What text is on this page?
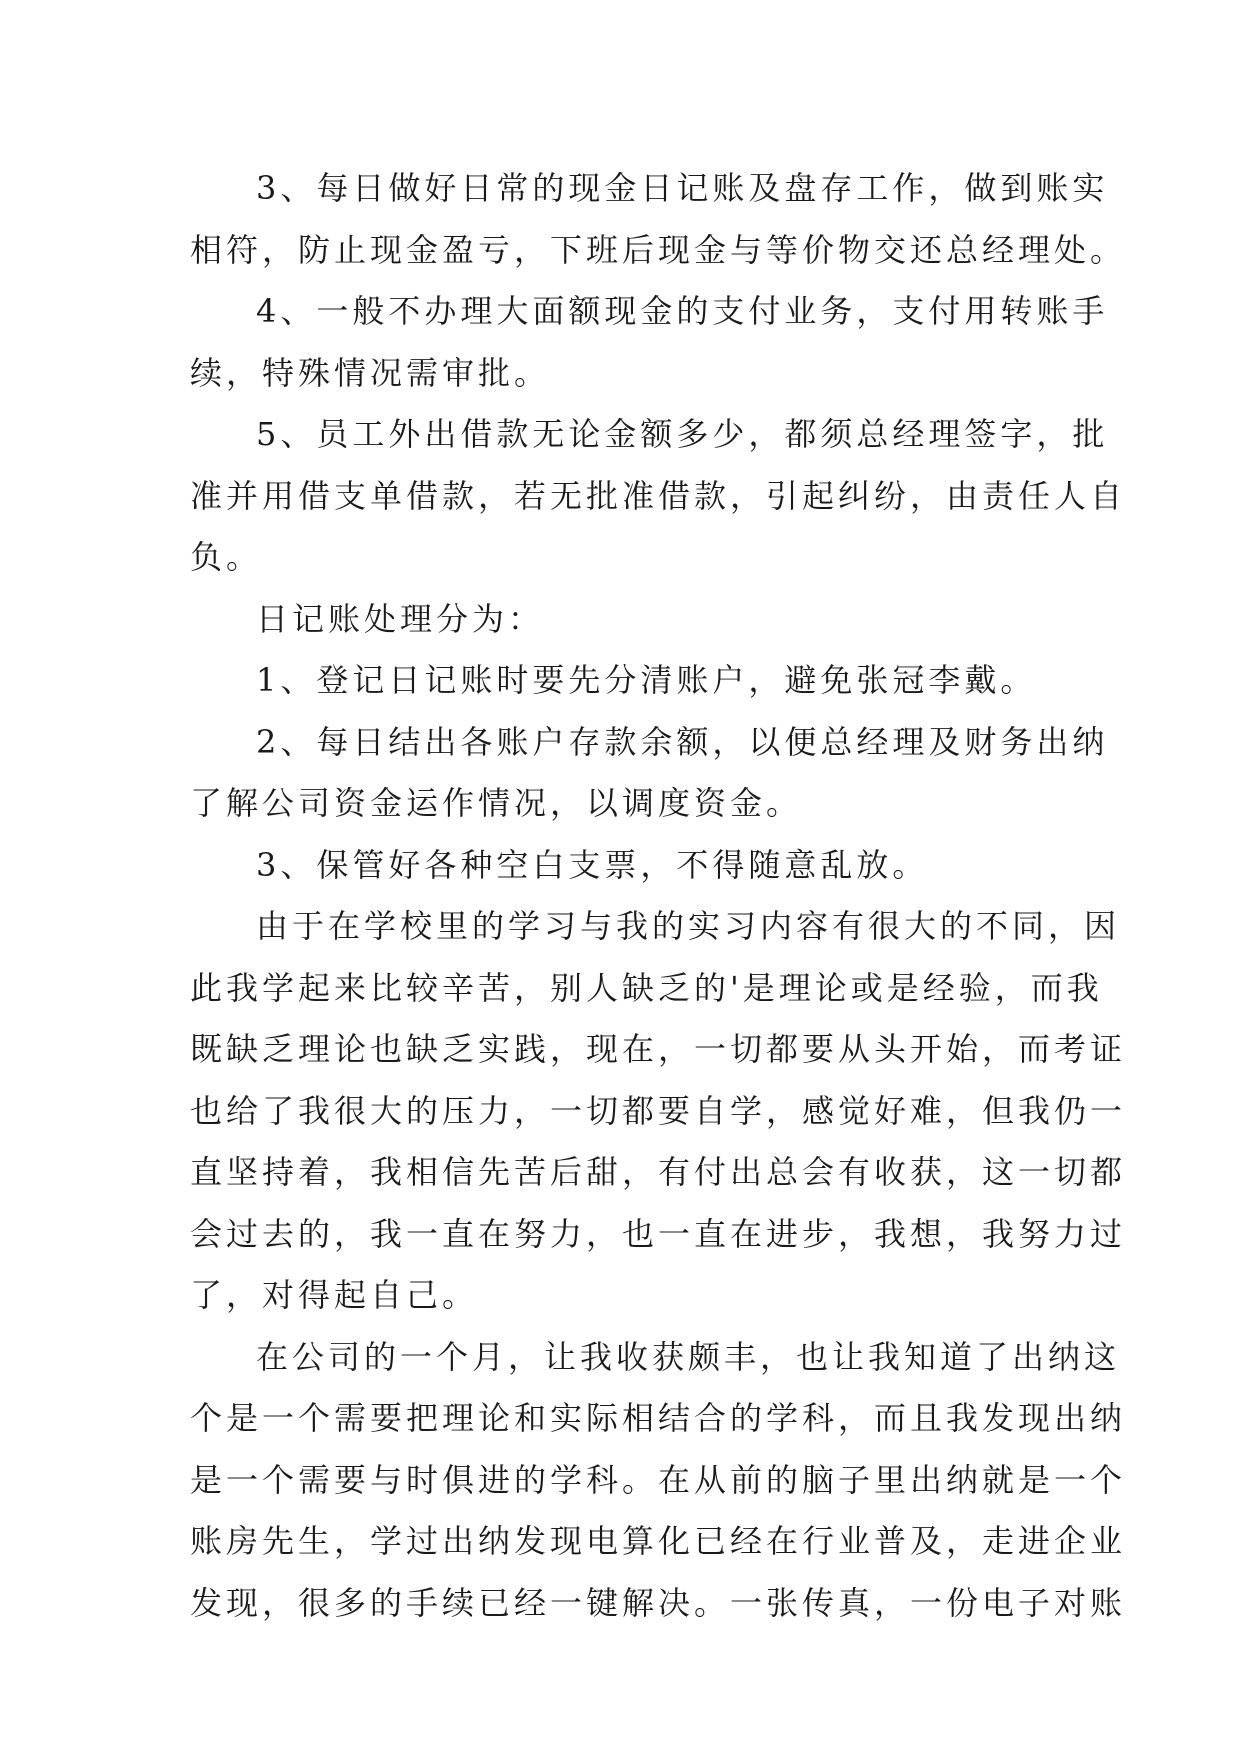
3、每日做好日常的现金日记账及盘存工作，做到账实
相符，防止现金盈亏，下班后现金与等价物交还总经理处。
4、一般不办理大面额现金的支付业务，支付用转账手
续，特殊情况需审批。
5、员工外出借款无论金额多少，都须总经理签字，批
准并用借支单借款，若无批准借款，引起纠纷，由责任人自
负。
日记账处理分为：
1、登记日记账时要先分清账户，避免张冠李戴。
2、每日结出各账户存款余额，以便总经理及财务出纳
了解公司资金运作情况，以调度资金。
3、保管好各种空白支票，不得随意乱放。
由于在学校里的学习与我的实习内容有很大的不同，因
此我学起来比较辛苦，别人缺乏的'是理论或是经验，而我
既缺乏理论也缺乏实践，现在，一切都要从头开始，而考证
也给了我很大的压力，一切都要自学，感觉好难，但我仍一
直坚持着，我相信先苦后甜，有付出总会有收获，这一切都
会过去的，我一直在努力，也一直在进步，我想，我努力过
了，对得起自己。
在公司的一个月，让我收获颇丰，也让我知道了出纳这
个是一个需要把理论和实际相结合的学科，而且我发现出纳
是一个需要与时俱进的学科。在从前的脑子里出纳就是一个
账房先生，学过出纳发现电算化已经在行业普及，走进企业
发现，很多的手续已经一键解决。一张传真，一份电子对账
